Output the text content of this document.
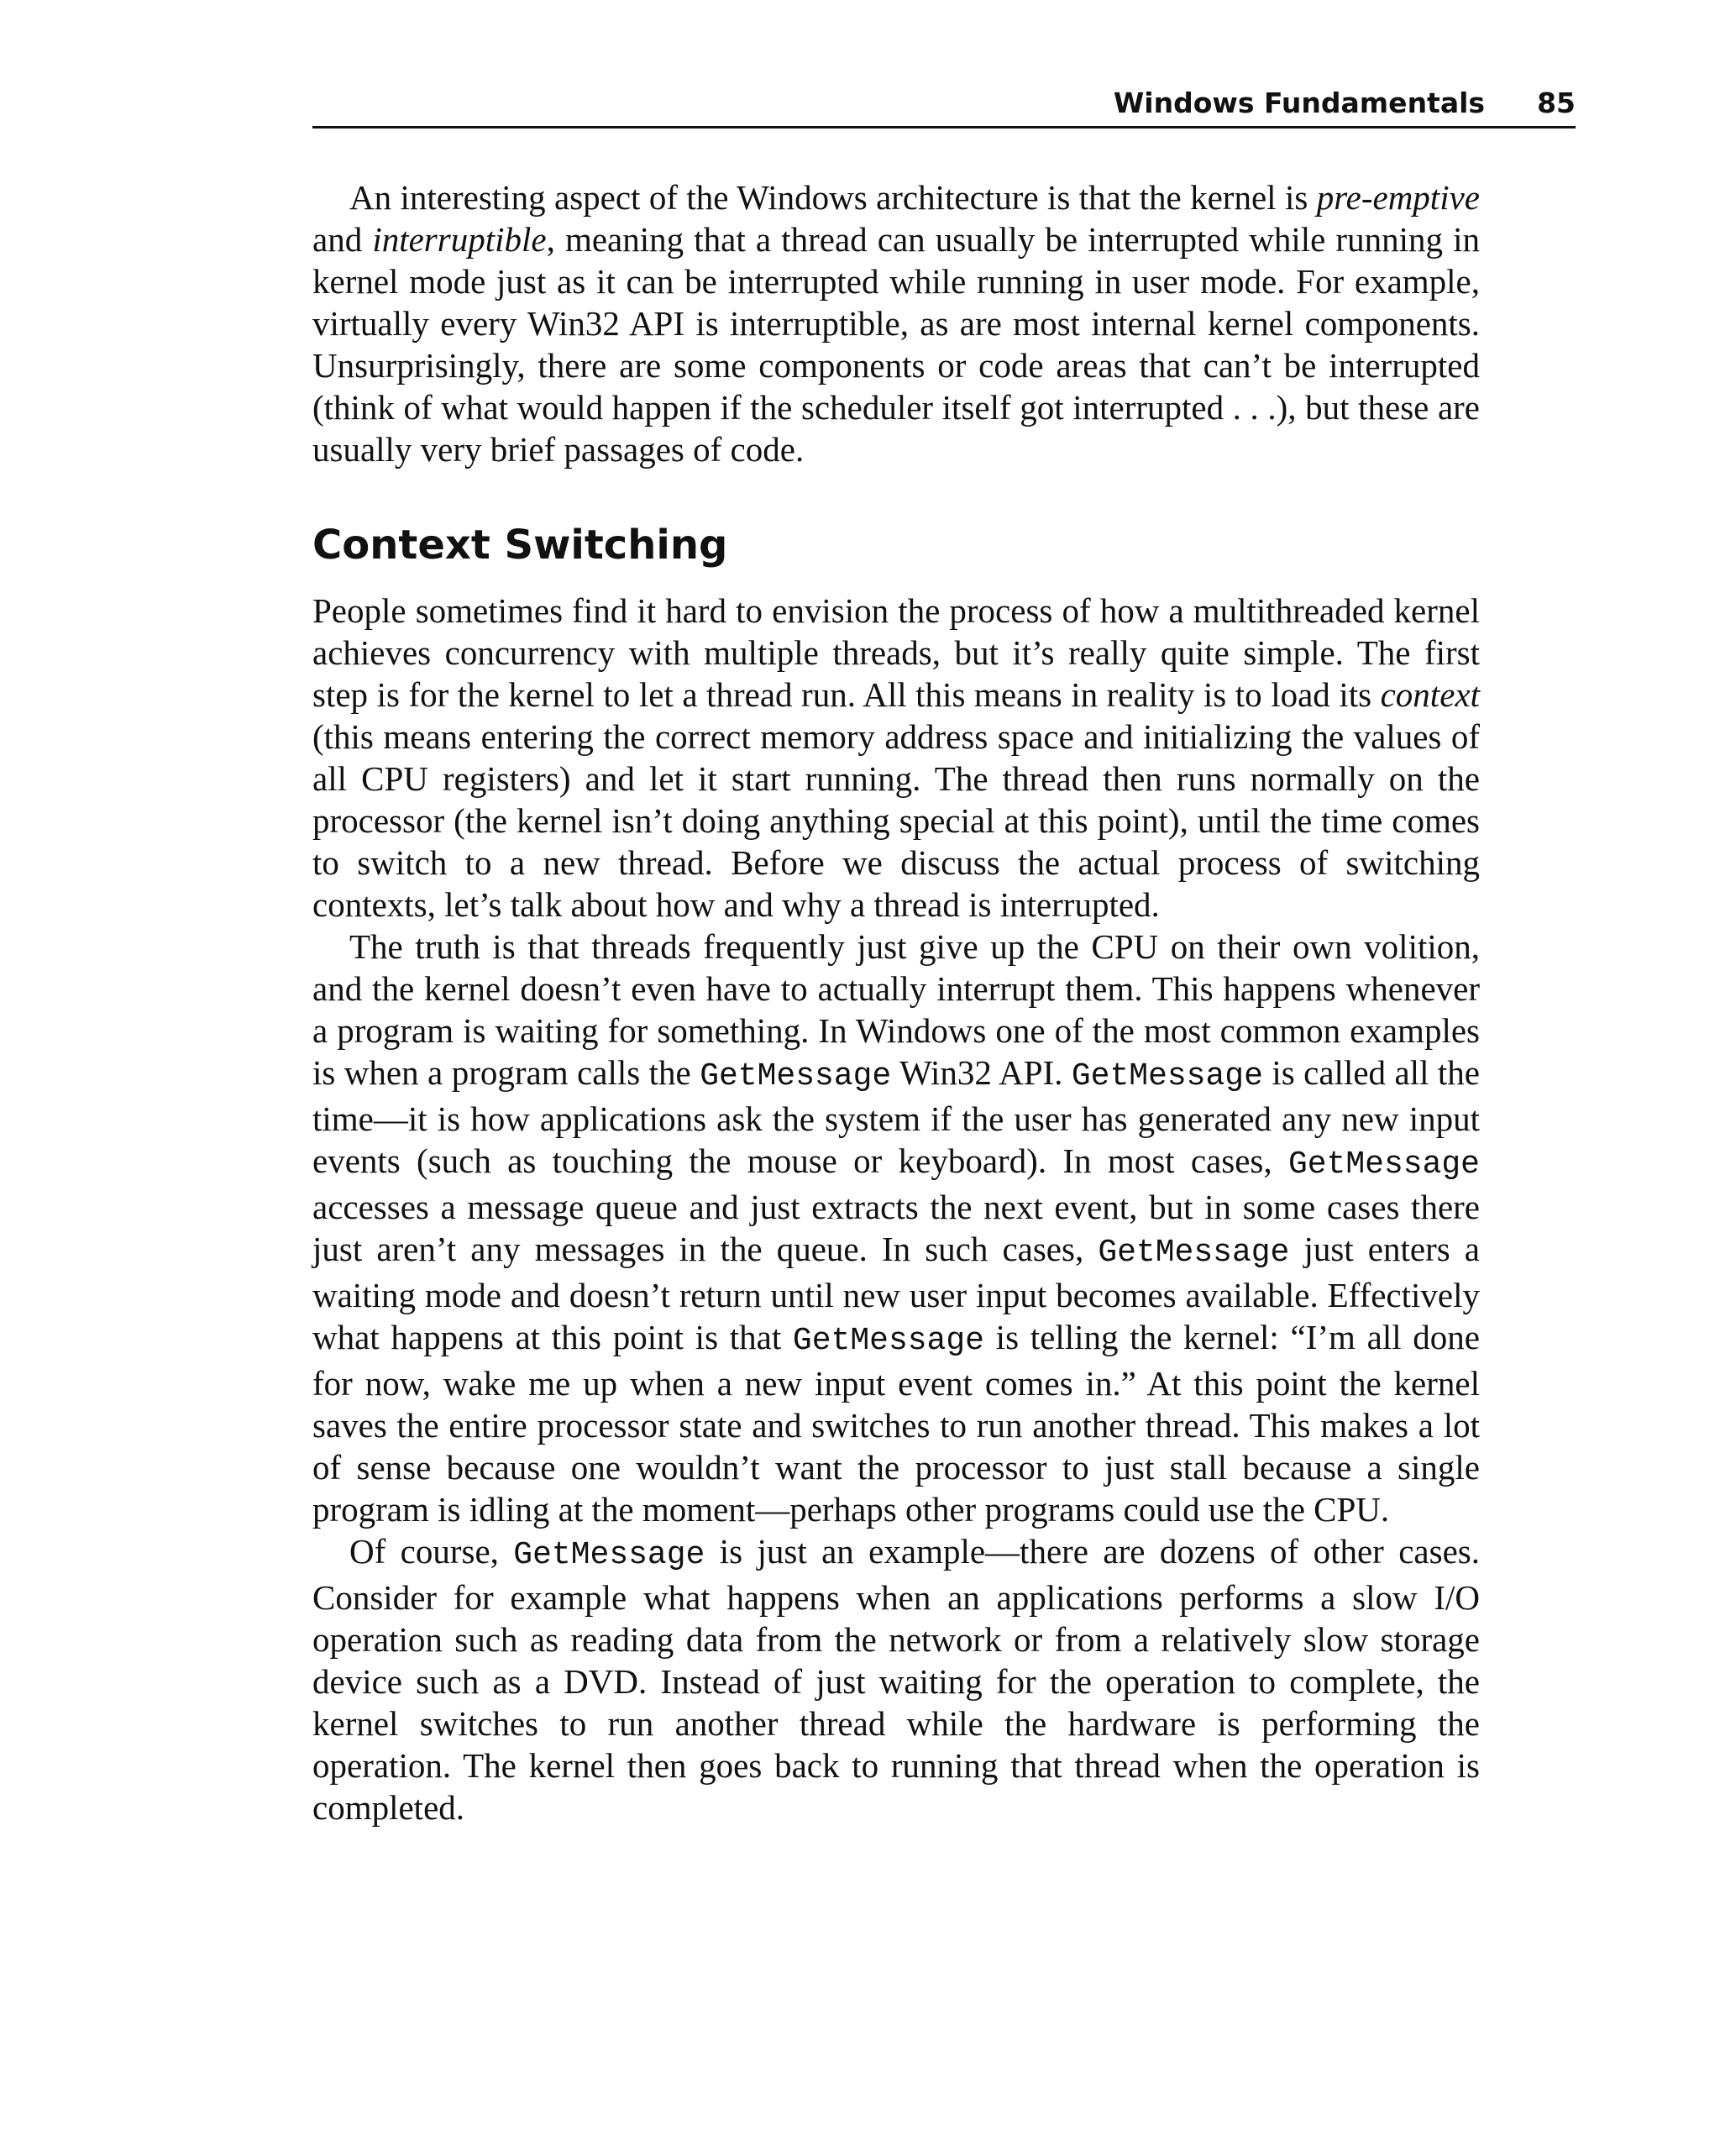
Windows Fundamentals 85

An interesting aspect of the Windows architecture is that the kernel is pre-emptive and interruptible, meaning that a thread can usually be interrupted while running in kernel mode just as it can be interrupted while running in user mode. For example, virtually every Win32 API is interruptible, as are most internal kernel components. Unsurprisingly, there are some components or code areas that can’t be interrupted (think of what would happen if the scheduler itself got interrupted . . .), but these are usually very brief passages of code.

Context Switching

People sometimes find it hard to envision the process of how a multithreaded kernel achieves concurrency with multiple threads, but it’s really quite simple. The first step is for the kernel to let a thread run. All this means in reality is to load its context (this means entering the correct memory address space and initializing the values of all CPU registers) and let it start running. The thread then runs normally on the processor (the kernel isn’t doing anything special at this point), until the time comes to switch to a new thread. Before we discuss the actual process of switching contexts, let’s talk about how and why a thread is interrupted.

The truth is that threads frequently just give up the CPU on their own volition, and the kernel doesn’t even have to actually interrupt them. This happens whenever a program is waiting for something. In Windows one of the most common examples is when a program calls the GetMessage Win32 API. GetMessage is called all the time—it is how applications ask the system if the user has generated any new input events (such as touching the mouse or keyboard). In most cases, GetMessage accesses a message queue and just extracts the next event, but in some cases there just aren’t any messages in the queue. In such cases, GetMessage just enters a waiting mode and doesn’t return until new user input becomes available. Effectively what happens at this point is that GetMessage is telling the kernel: “I’m all done for now, wake me up when a new input event comes in.” At this point the kernel saves the entire processor state and switches to run another thread. This makes a lot of sense because one wouldn’t want the processor to just stall because a single program is idling at the moment—perhaps other programs could use the CPU.

Of course, GetMessage is just an example—there are dozens of other cases. Consider for example what happens when an applications performs a slow I/O operation such as reading data from the network or from a relatively slow storage device such as a DVD. Instead of just waiting for the operation to complete, the kernel switches to run another thread while the hardware is performing the operation. The kernel then goes back to running that thread when the operation is completed.
